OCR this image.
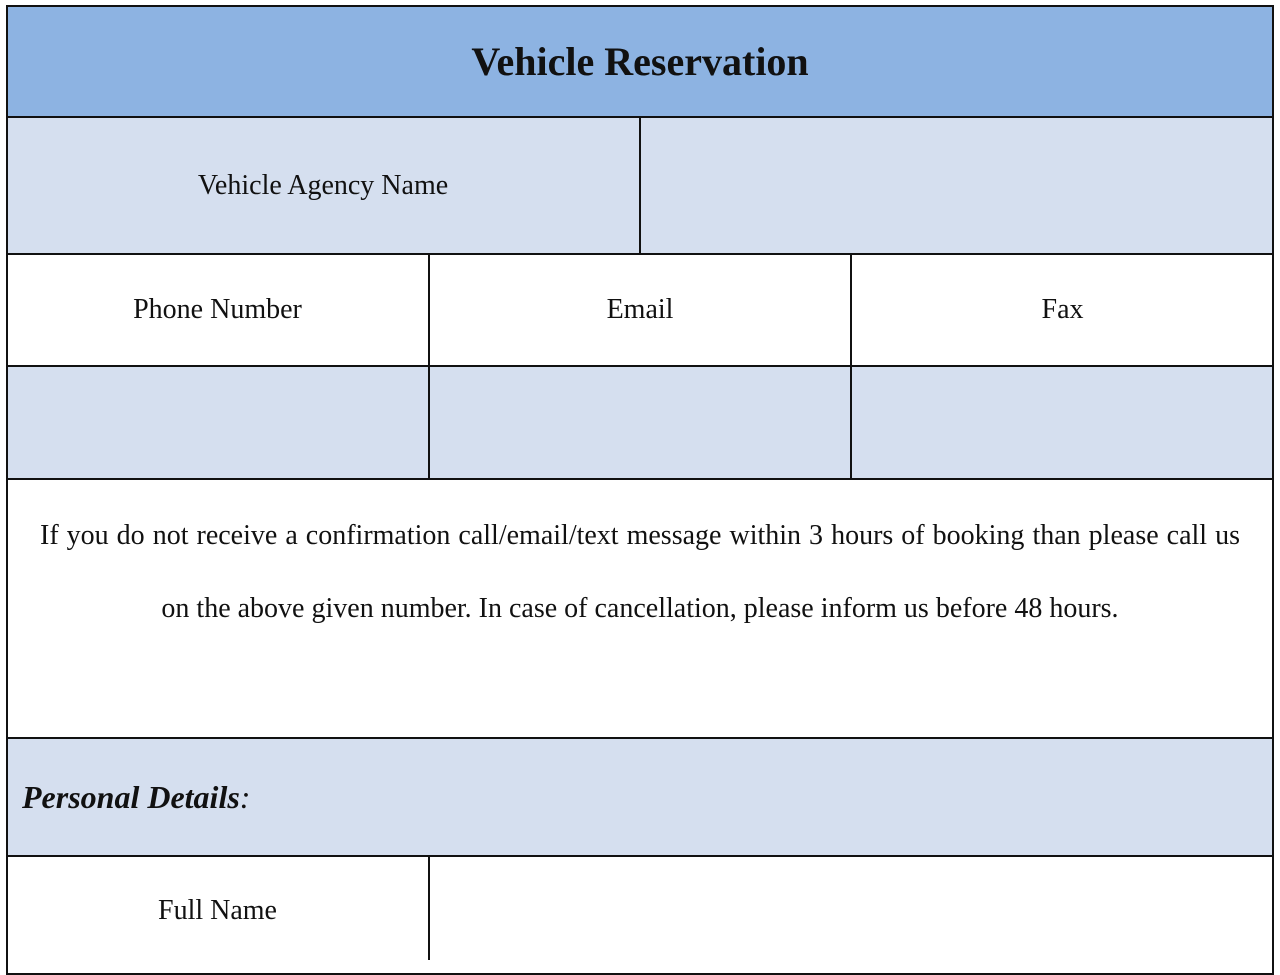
Vehicle Reservation
Vehicle Agency Name
Phone Number	Email	Fax
If you do not receive a confirmation call/email/text message within 3 hours of booking than please call us on the above given number. In case of cancellation, please inform us before 48 hours.
Personal Details :
Full Name
